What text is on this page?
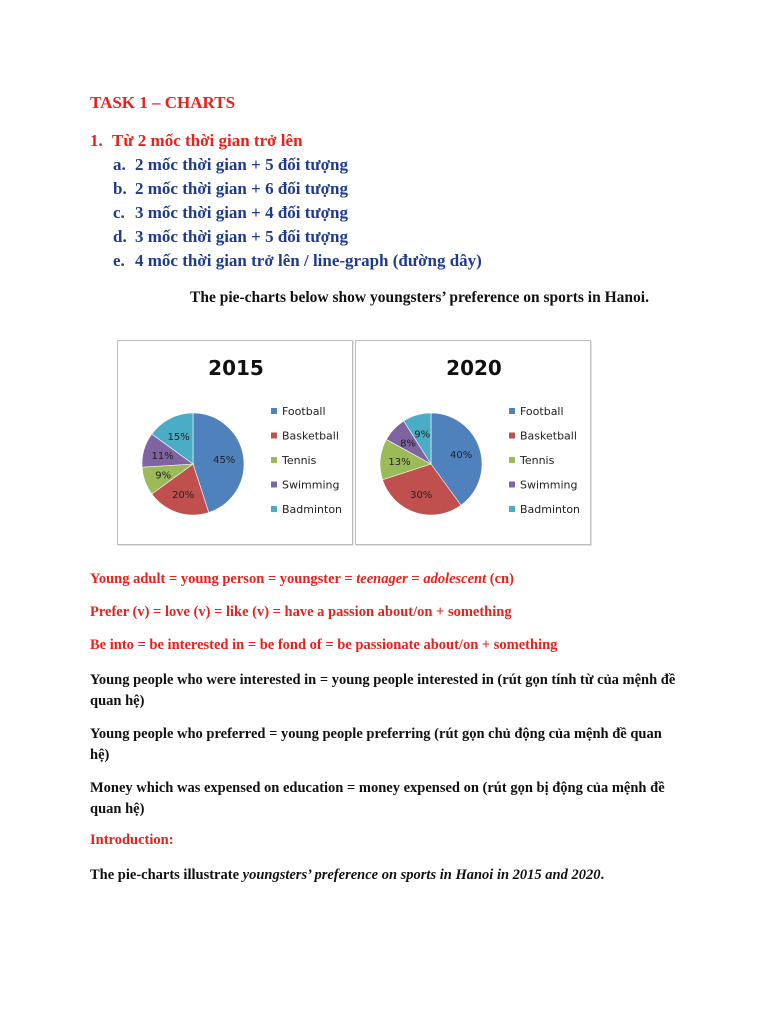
TASK 1 – CHARTS
1. Từ 2 mốc thời gian trở lên
a. 2 mốc thời gian + 5 đối tượng
b. 2 mốc thời gian + 6 đối tượng
c. 3 mốc thời gian + 4 đối tượng
d. 3 mốc thời gian + 5 đối tượng
e. 4 mốc thời gian trở lên / line-graph (đường dây)
The pie-charts below show youngsters’ preference on sports in Hanoi.
2015
45%
20%
9%
11%
15%
Football
Basketball
Tennis
Swimming
Badminton
2020
40%
30%
13%
8%
9%
Football
Basketball
Tennis
Swimming
Badminton
Young adult = young person = youngster = teenager = adolescent (cn)
Prefer (v) = love (v) = like (v) = have a passion about/on + something
Be into = be interested in = be fond of = be passionate about/on + something
Young people who were interested in = young people interested in (rút gọn tính từ của mệnh đề quan hệ)
Young people who preferred = young people preferring (rút gọn chủ động của mệnh đề quan hệ)
Money which was expensed on education = money expensed on (rút gọn bị động của mệnh đề quan hệ)
Introduction:
The pie-charts illustrate youngsters’ preference on sports in Hanoi in 2015 and 2020.
